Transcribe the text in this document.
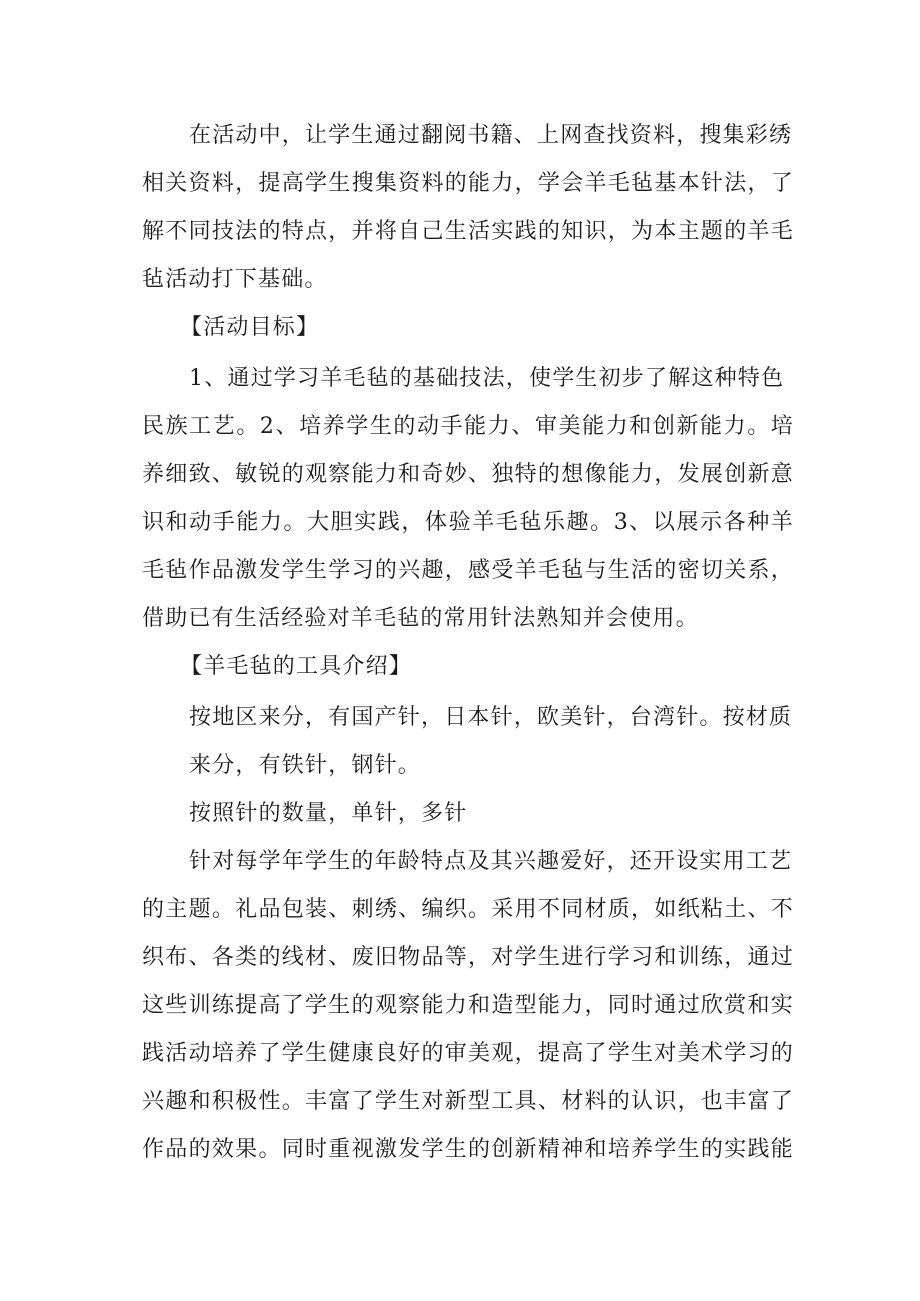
在活动中，让学生通过翻阅书籍、上网查找资料，搜集彩绣
相关资料，提高学生搜集资料的能力，学会羊毛毡基本针法，了
解不同技法的特点，并将自己生活实践的知识，为本主题的羊毛
毡活动打下基础。
【活动目标】
1、通过学习羊毛毡的基础技法，使学生初步了解这种特色
民族工艺。2、培养学生的动手能力、审美能力和创新能力。培
养细致、敏锐的观察能力和奇妙、独特的想像能力，发展创新意
识和动手能力。大胆实践，体验羊毛毡乐趣。3、以展示各种羊
毛毡作品激发学生学习的兴趣，感受羊毛毡与生活的密切关系，
借助已有生活经验对羊毛毡的常用针法熟知并会使用。
【羊毛毡的工具介绍】
按地区来分，有国产针，日本针，欧美针，台湾针。按材质
来分，有铁针，钢针。
按照针的数量，单针，多针
针对每学年学生的年龄特点及其兴趣爱好，还开设实用工艺
的主题。礼品包装、刺绣、编织。采用不同材质，如纸粘土、不
织布、各类的线材、废旧物品等，对学生进行学习和训练，通过
这些训练提高了学生的观察能力和造型能力，同时通过欣赏和实
践活动培养了学生健康良好的审美观，提高了学生对美术学习的
兴趣和积极性。丰富了学生对新型工具、材料的认识，也丰富了
作品的效果。同时重视激发学生的创新精神和培养学生的实践能
